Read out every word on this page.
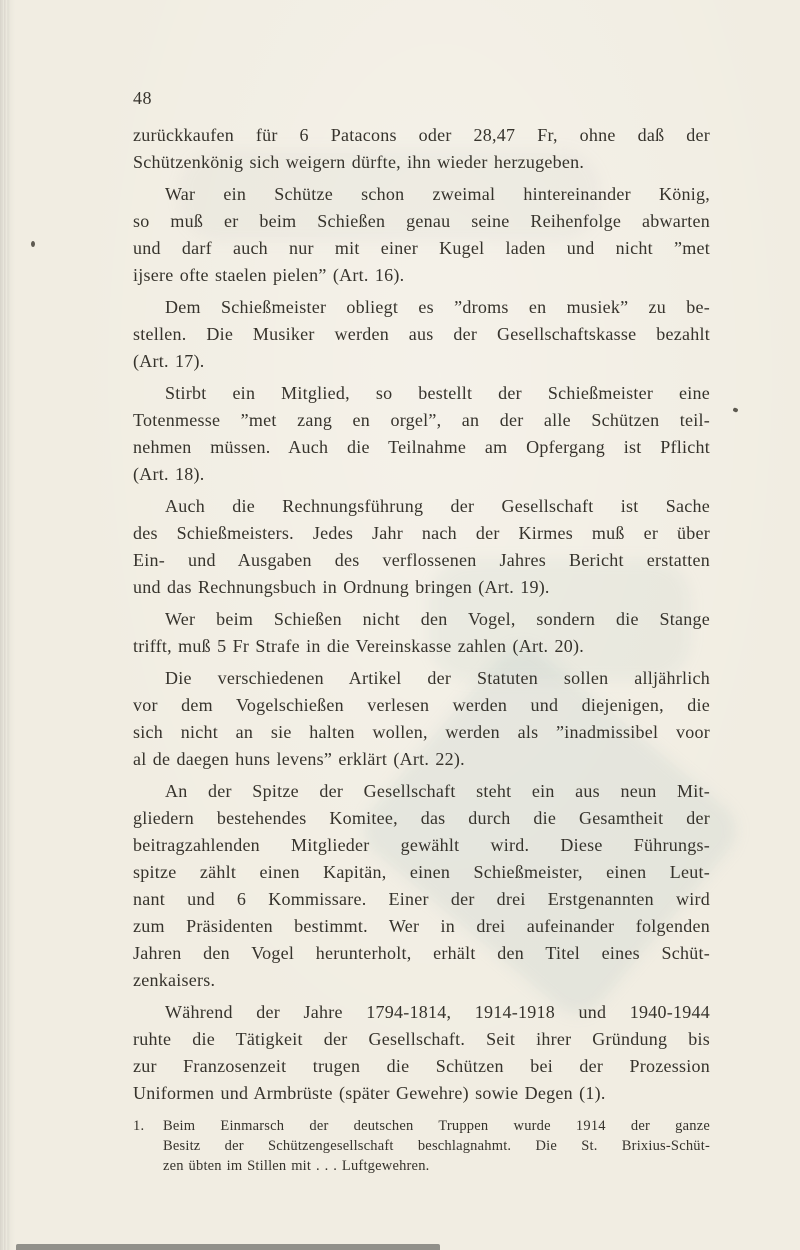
48
zurückkaufen für 6 Patacons oder 28,47 Fr, ohne daß der
Schützenkönig sich weigern dürfte, ihn wieder herzugeben.
War ein Schütze schon zweimal hintereinander König,
so muß er beim Schießen genau seine Reihenfolge abwarten
und darf auch nur mit einer Kugel laden und nicht ”met
ijsere ofte staelen pielen” (Art. 16).
Dem Schießmeister obliegt es ”droms en musiek” zu be-
stellen. Die Musiker werden aus der Gesellschaftskasse bezahlt
(Art. 17).
Stirbt ein Mitglied, so bestellt der Schießmeister eine
Totenmesse ”met zang en orgel”, an der alle Schützen teil-
nehmen müssen. Auch die Teilnahme am Opfergang ist Pflicht
(Art. 18).
Auch die Rechnungsführung der Gesellschaft ist Sache
des Schießmeisters. Jedes Jahr nach der Kirmes muß er über
Ein- und Ausgaben des verflossenen Jahres Bericht erstatten
und das Rechnungsbuch in Ordnung bringen (Art. 19).
Wer beim Schießen nicht den Vogel, sondern die Stange
trifft, muß 5 Fr Strafe in die Vereinskasse zahlen (Art. 20).
Die verschiedenen Artikel der Statuten sollen alljährlich
vor dem Vogelschießen verlesen werden und diejenigen, die
sich nicht an sie halten wollen, werden als ”inadmissibel voor
al de daegen huns levens” erklärt (Art. 22).
An der Spitze der Gesellschaft steht ein aus neun Mit-
gliedern bestehendes Komitee, das durch die Gesamtheit der
beitragzahlenden Mitglieder gewählt wird. Diese Führungs-
spitze zählt einen Kapitän, einen Schießmeister, einen Leut-
nant und 6 Kommissare. Einer der drei Erstgenannten wird
zum Präsidenten bestimmt. Wer in drei aufeinander folgenden
Jahren den Vogel herunterholt, erhält den Titel eines Schüt-
zenkaisers.
Während der Jahre 1794-1814, 1914-1918 und 1940-1944
ruhte die Tätigkeit der Gesellschaft. Seit ihrer Gründung bis
zur Franzosenzeit trugen die Schützen bei der Prozession
Uniformen und Armbrüste (später Gewehre) sowie Degen (1).
1. Beim Einmarsch der deutschen Truppen wurde 1914 der ganze
Besitz der Schützengesellschaft beschlagnahmt. Die St. Brixius-Schüt-
zen übten im Stillen mit . . . Luftgewehren.
